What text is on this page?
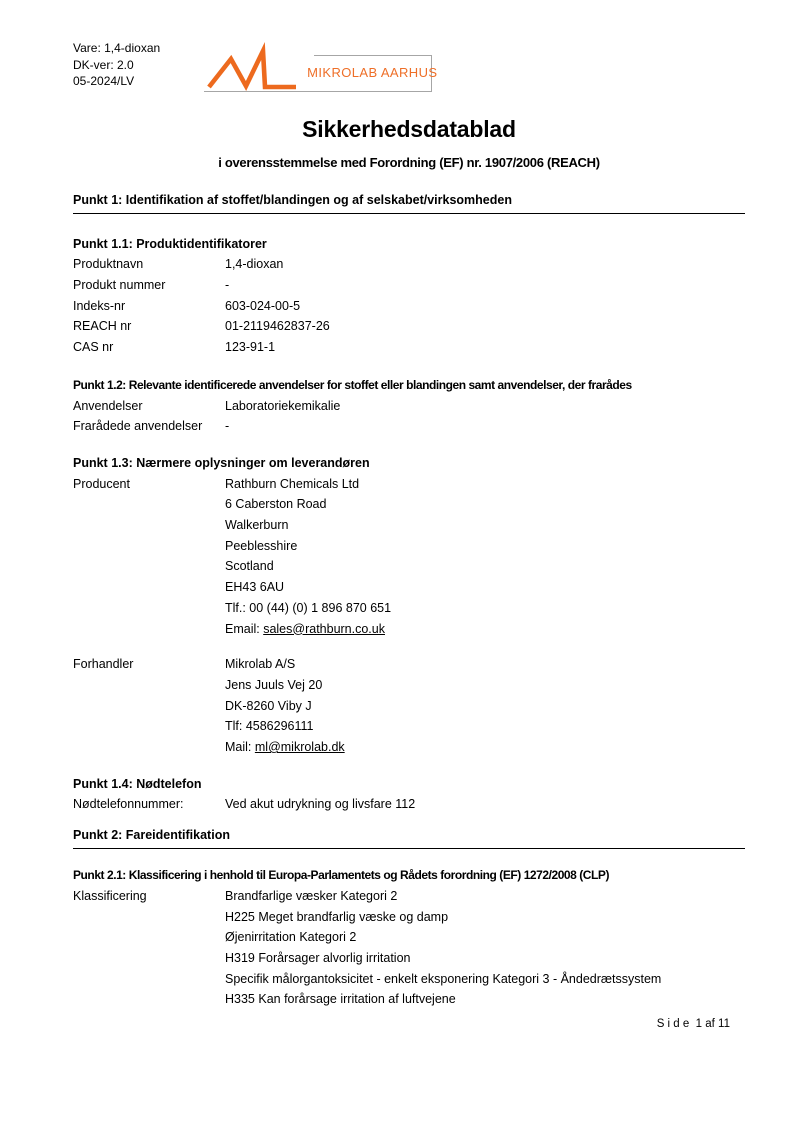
Vare: 1,4-dioxan
DK-ver: 2.0
05-2024/LV
MIKROLAB AARHUS
Sikkerhedsdatablad
i overensstemmelse med Forordning (EF) nr. 1907/2006 (REACH)
Punkt 1: Identifikation af stoffet/blandingen og af selskabet/virksomheden
Punkt 1.1: Produktidentifikatorer
Produktnavn	1,4-dioxan
Produkt nummer	-
Indeks-nr	603-024-00-5
REACH nr	01-2119462837-26
CAS nr	123-91-1
Punkt 1.2: Relevante identificerede anvendelser for stoffet eller blandingen samt anvendelser, der frarådes
Anvendelser	Laboratoriekemikalie
Frarådede anvendelser	-
Punkt 1.3: Nærmere oplysninger om leverandøren
Producent	Rathburn Chemicals Ltd
6 Caberston Road
Walkerburn
Peeblesshire
Scotland
EH43 6AU
Tlf.: 00 (44) (0) 1 896 870 651
Email: sales@rathburn.co.uk
Forhandler	Mikrolab A/S
Jens Juuls Vej 20
DK-8260 Viby J
Tlf: 4586296111
Mail: ml@mikrolab.dk
Punkt 1.4: Nødtelefon
Nødtelefonnummer:	Ved akut udrykning og livsfare 112
Punkt 2: Fareidentifikation
Punkt 2.1: Klassificering i henhold til Europa-Parlamentets og Rådets forordning (EF) 1272/2008 (CLP)
Klassificering	Brandfarlige væsker Kategori 2
H225 Meget brandfarlig væske og damp
Øjenirritation Kategori 2
H319 Forårsager alvorlig irritation
Specifik målorgantoksicitet - enkelt eksponering Kategori 3 - Åndedrætssystem
H335 Kan forårsage irritation af luftvejene
S i d e  1 af 11
